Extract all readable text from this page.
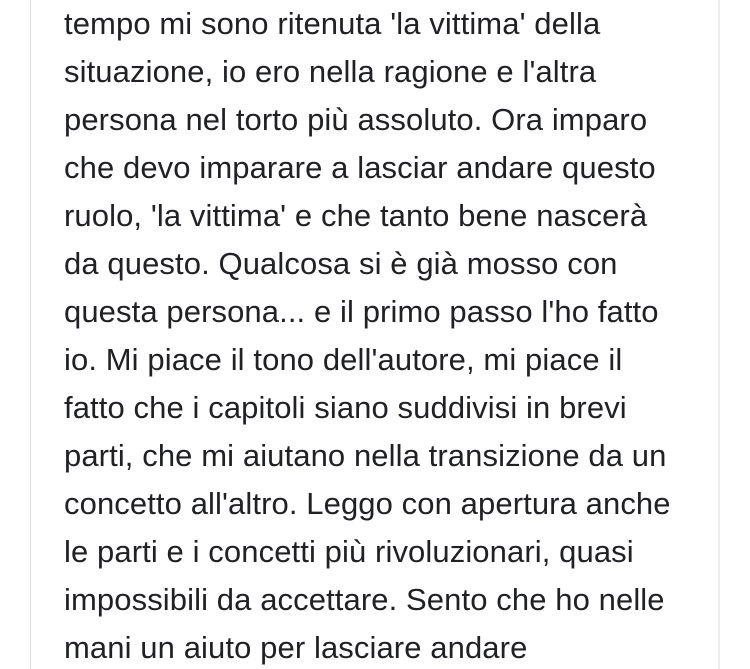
tempo mi sono ritenuta 'la vittima' della
situazione, io ero nella ragione e l'altra
persona nel torto più assoluto. Ora imparo
che devo imparare a lasciar andare questo
ruolo, 'la vittima' e che tanto bene nascerà
da questo. Qualcosa si è già mosso con
questa persona... e il primo passo l'ho fatto
io. Mi piace il tono dell'autore, mi piace il
fatto che i capitoli siano suddivisi in brevi
parti, che mi aiutano nella transizione da un
concetto all'altro. Leggo con apertura anche
le parti e i concetti più rivoluzionari, quasi
impossibili da accettare. Sento che ho nelle
mani un aiuto per lasciare andare
